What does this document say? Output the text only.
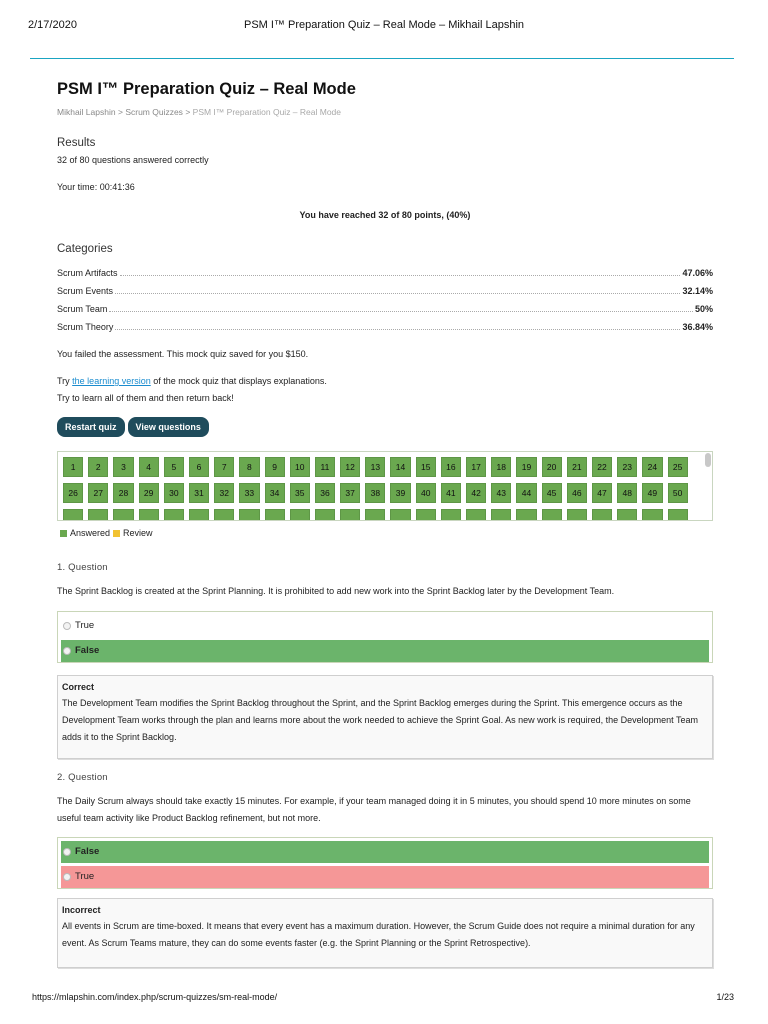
2/17/2020	PSM I™ Preparation Quiz – Real Mode – Mikhail Lapshin
PSM I™ Preparation Quiz – Real Mode
Mikhail Lapshin > Scrum Quizzes > PSM I™ Preparation Quiz – Real Mode
Results
32 of 80 questions answered correctly
Your time: 00:41:36
You have reached 32 of 80 points, (40%)
Categories
Scrum Artifacts	47.06%
Scrum Events	32.14%
Scrum Team	50%
Scrum Theory	36.84%
You failed the assessment. This mock quiz saved for you $150.
Try the learning version of the mock quiz that displays explanations.
Try to learn all of them and then return back!
Restart quiz	View questions
1	2	3	4	5	6	7	8	9	10	11	12	13	14	15	16	17	18	19	20	21	22	23	24	25
26	27	28	29	30	31	32	33	34	35	36	37	38	39	40	41	42	43	44	45	46	47	48	49	50
Answered Review
1. Question
The Sprint Backlog is created at the Sprint Planning. It is prohibited to add new work into the Sprint Backlog later by the Development Team.
True
False
Correct
The Development Team modifies the Sprint Backlog throughout the Sprint, and the Sprint Backlog emerges during the Sprint. This emergence occurs as the Development Team works through the plan and learns more about the work needed to achieve the Sprint Goal. As new work is required, the Development Team adds it to the Sprint Backlog.
2. Question
The Daily Scrum always should take exactly 15 minutes. For example, if your team managed doing it in 5 minutes, you should spend 10 more minutes on some useful team activity like Product Backlog refinement, but not more.
False
True
Incorrect
All events in Scrum are time-boxed. It means that every event has a maximum duration. However, the Scrum Guide does not require a minimal duration for any event. As Scrum Teams mature, they can do some events faster (e.g. the Sprint Planning or the Sprint Retrospective).
https://mlapshin.com/index.php/scrum-quizzes/sm-real-mode/	1/23
